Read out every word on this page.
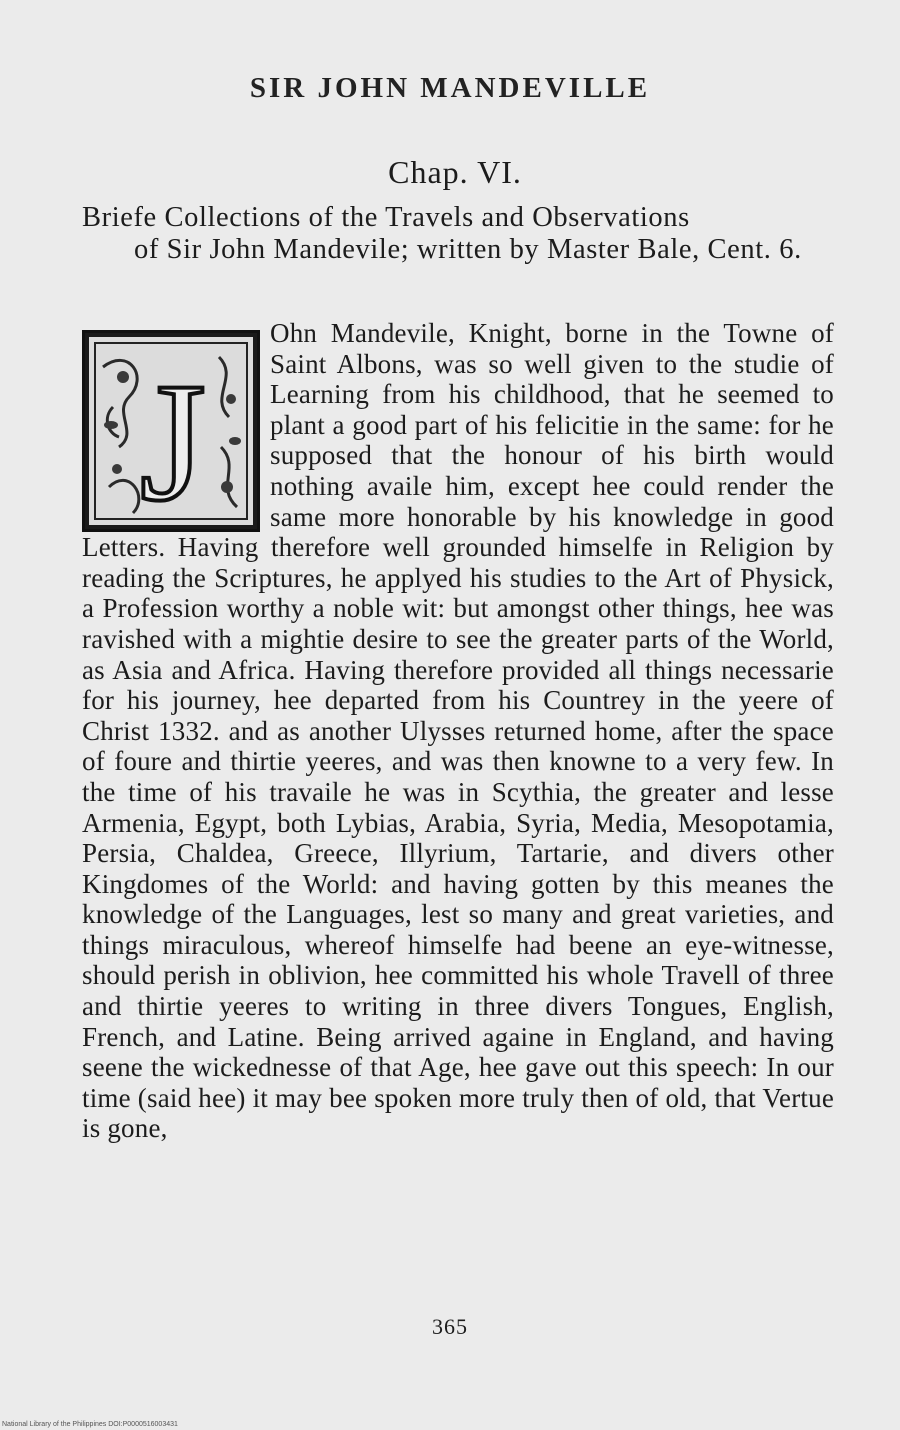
SIR JOHN MANDEVILLE
Chap. VI.
Briefe Collections of the Travels and Observations
of Sir John Mandevile; written by Master Bale, Cent. 6.
J
Ohn Mandevile, Knight, borne in the Towne of Saint Albons, was so well given to the studie of Learning from his childhood, that he seemed to plant a good part of his felicitie in the same: for he supposed that the honour of his birth would nothing availe him, except hee could render the same more honorable by his knowledge in good Letters. Having therefore well grounded himselfe in Religion by reading the Scriptures, he applyed his studies to the Art of Physick, a Profession worthy a noble wit: but amongst other things, hee was ravished with a mightie desire to see the greater parts of the World, as Asia and Africa. Having therefore provided all things necessarie for his journey, hee departed from his Countrey in the yeere of Christ 1332. and as another Ulysses returned home, after the space of foure and thirtie yeeres, and was then knowne to a very few. In the time of his travaile he was in Scythia, the greater and lesse Armenia, Egypt, both Lybias, Arabia, Syria, Media, Mesopotamia, Persia, Chaldea, Greece, Illyrium, Tartarie, and divers other Kingdomes of the World: and having gotten by this meanes the knowledge of the Languages, lest so many and great varieties, and things miraculous, whereof himselfe had beene an eye-witnesse, should perish in oblivion, hee committed his whole Travell of three and thirtie yeeres to writing in three divers Tongues, English, French, and Latine. Being arrived againe in England, and having seene the wickednesse of that Age, hee gave out this speech: In our time (said hee) it may bee spoken more truly then of old, that Vertue is gone,
365
National Library of the Philippines DOI:P0000516003431
